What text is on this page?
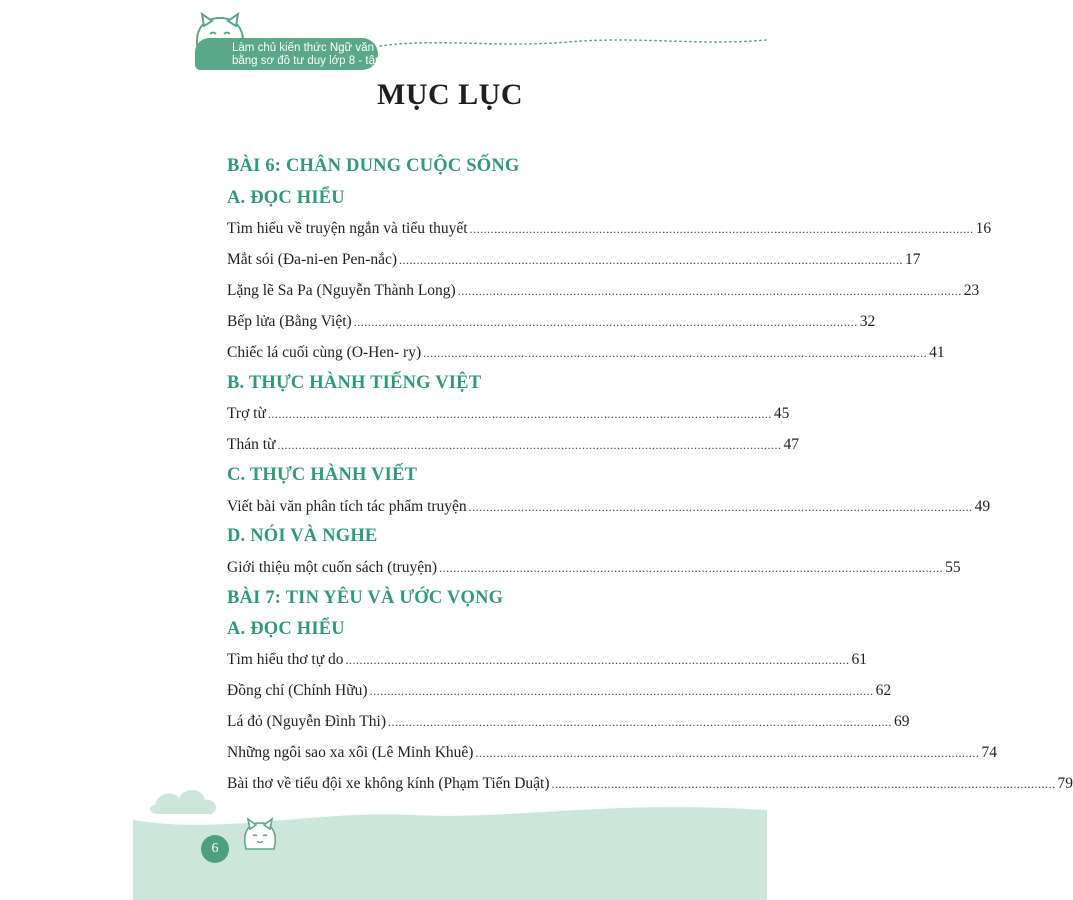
Làm chủ kiến thức Ngữ văn
bằng sơ đồ tư duy lớp 8 - tập 2
MỤC LỤC
BÀI 6: CHÂN DUNG CUỘC SỐNG
A. ĐỌC HIỂU
Tìm hiểu về truyện ngắn và tiểu thuyết ................................................................................................................................................ 16
Mắt sói (Đa-ni-en Pen-nắc) ................................................................................................................................................ 17
Lặng lẽ Sa Pa (Nguyễn Thành Long) ................................................................................................................................................ 23
Bếp lửa (Bằng Việt) ................................................................................................................................................ 32
Chiếc lá cuối cùng (O-Hen- ry) ................................................................................................................................................ 41
B. THỰC HÀNH TIẾNG VIỆT
Trợ từ ................................................................................................................................................ 45
Thán từ ................................................................................................................................................ 47
C. THỰC HÀNH VIẾT
Viết bài văn phân tích tác phẩm truyện ................................................................................................................................................ 49
D. NÓI VÀ NGHE
Giới thiệu một cuốn sách (truyện) ................................................................................................................................................ 55
BÀI 7: TIN YÊU VÀ ƯỚC VỌNG
A. ĐỌC HIỂU
Tìm hiểu thơ tự do ................................................................................................................................................ 61
Đồng chí (Chính Hữu) ................................................................................................................................................ 62
Lá đỏ (Nguyễn Đình Thi) ................................................................................................................................................ 69
Những ngôi sao xa xôi (Lê Minh Khuê) ................................................................................................................................................ 74
Bài thơ về tiểu đội xe không kính (Phạm Tiến Duật) ................................................................................................................................................ 79
6
